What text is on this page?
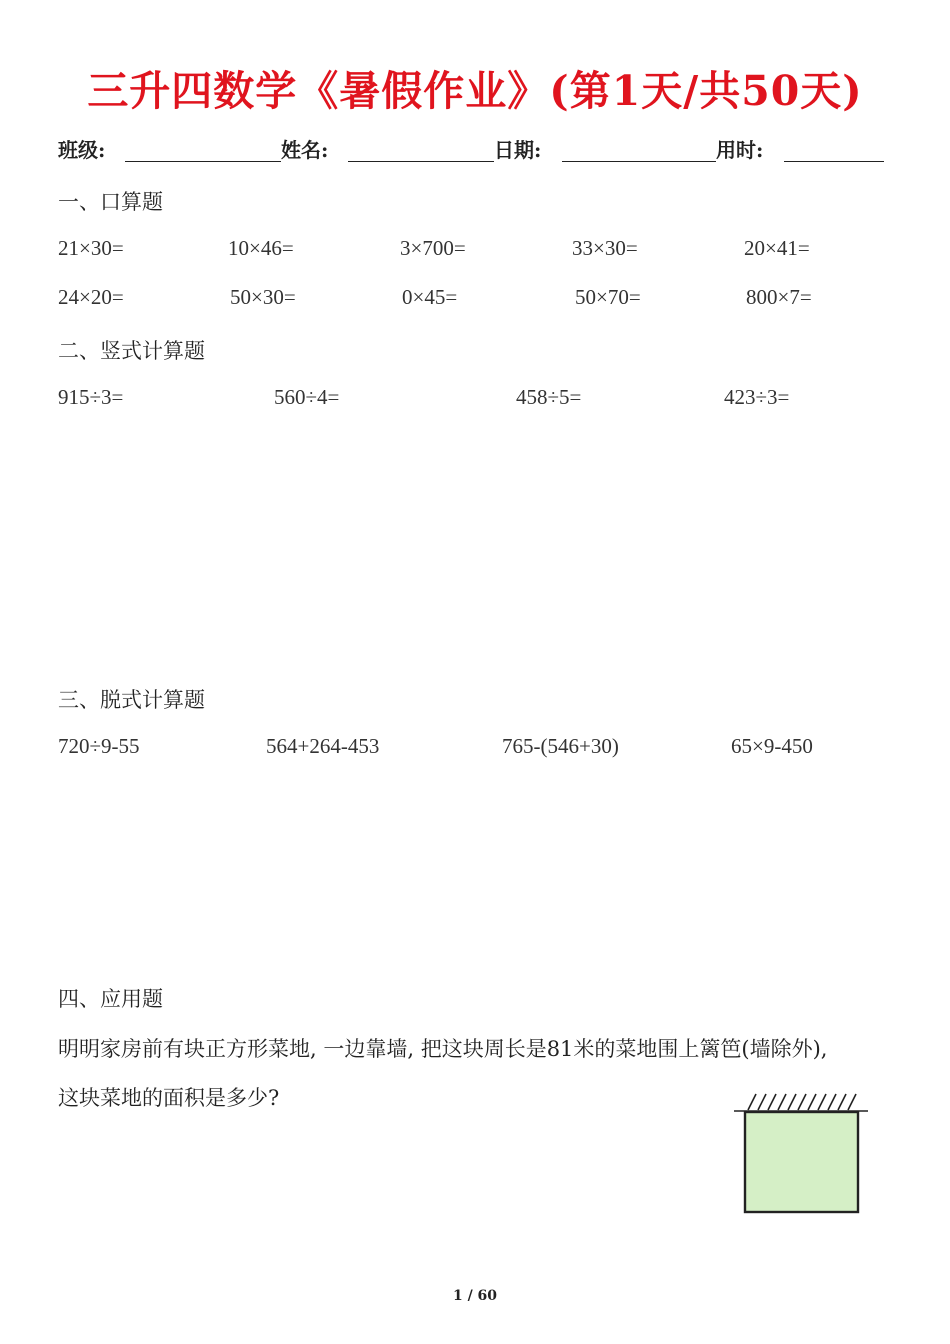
三升四数学《暑假作业》(第1天/共50天)
班级:	姓名:	日期:	用时:
一、口算题
21×30=	10×46=	3×700=	33×30=	20×41=
24×20=	50×30=	0×45=	50×70=	800×7=
二、竖式计算题
915÷3=	560÷4=	458÷5=	423÷3=
三、脱式计算题
720÷9-55	564+264-453	765-(546+30)	65×9-450
四、应用题
明明家房前有块正方形菜地, 一边靠墙, 把这块周长是81米的菜地围上篱笆(墙除外),
这块菜地的面积是多少?
1 / 60
